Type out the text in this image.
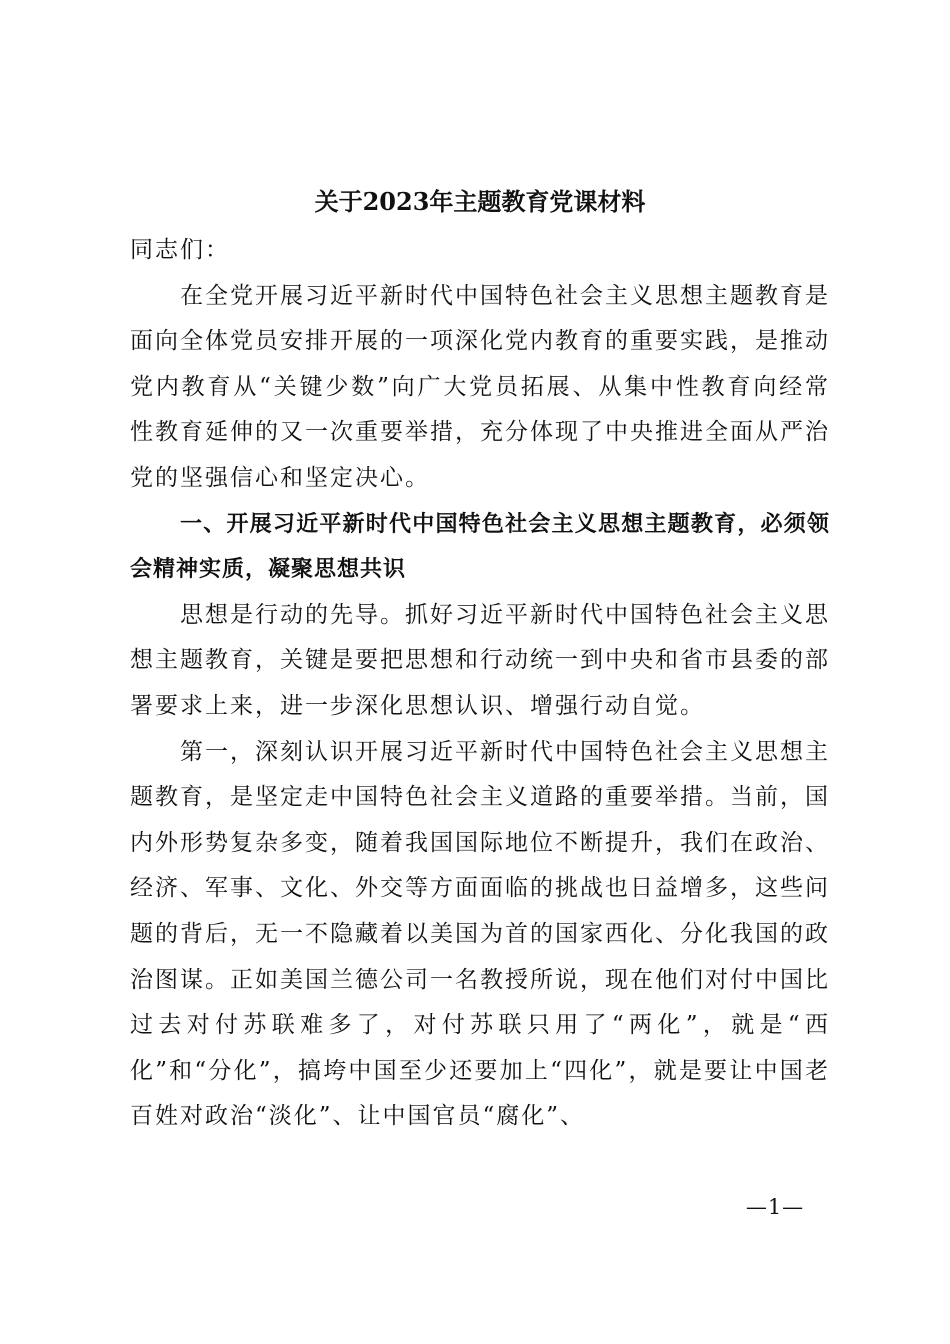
关于2023年主题教育党课材料

同志们：

在全党开展习近平新时代中国特色社会主义思想主题教育是面向全体党员安排开展的一项深化党内教育的重要实践，是推动党内教育从“关键少数”向广大党员拓展、从集中性教育向经常性教育延伸的又一次重要举措，充分体现了中央推进全面从严治党的坚强信心和坚定决心。

一、开展习近平新时代中国特色社会主义思想主题教育，必须领会精神实质，凝聚思想共识

思想是行动的先导。抓好习近平新时代中国特色社会主义思想主题教育，关键是要把思想和行动统一到中央和省市县委的部署要求上来，进一步深化思想认识、增强行动自觉。

第一，深刻认识开展习近平新时代中国特色社会主义思想主题教育，是坚定走中国特色社会主义道路的重要举措。当前，国内外形势复杂多变，随着我国国际地位不断提升，我们在政治、经济、军事、文化、外交等方面面临的挑战也日益增多，这些问题的背后，无一不隐藏着以美国为首的国家西化、分化我国的政治图谋。正如美国兰德公司一名教授所说，现在他们对付中国比过去对付苏联难多了，对付苏联只用了“两化”，就是“西化”和“分化”，搞垮中国至少还要加上“四化”，就是要让中国老百姓对政治“淡化”、让中国官员“腐化”、

—1—
